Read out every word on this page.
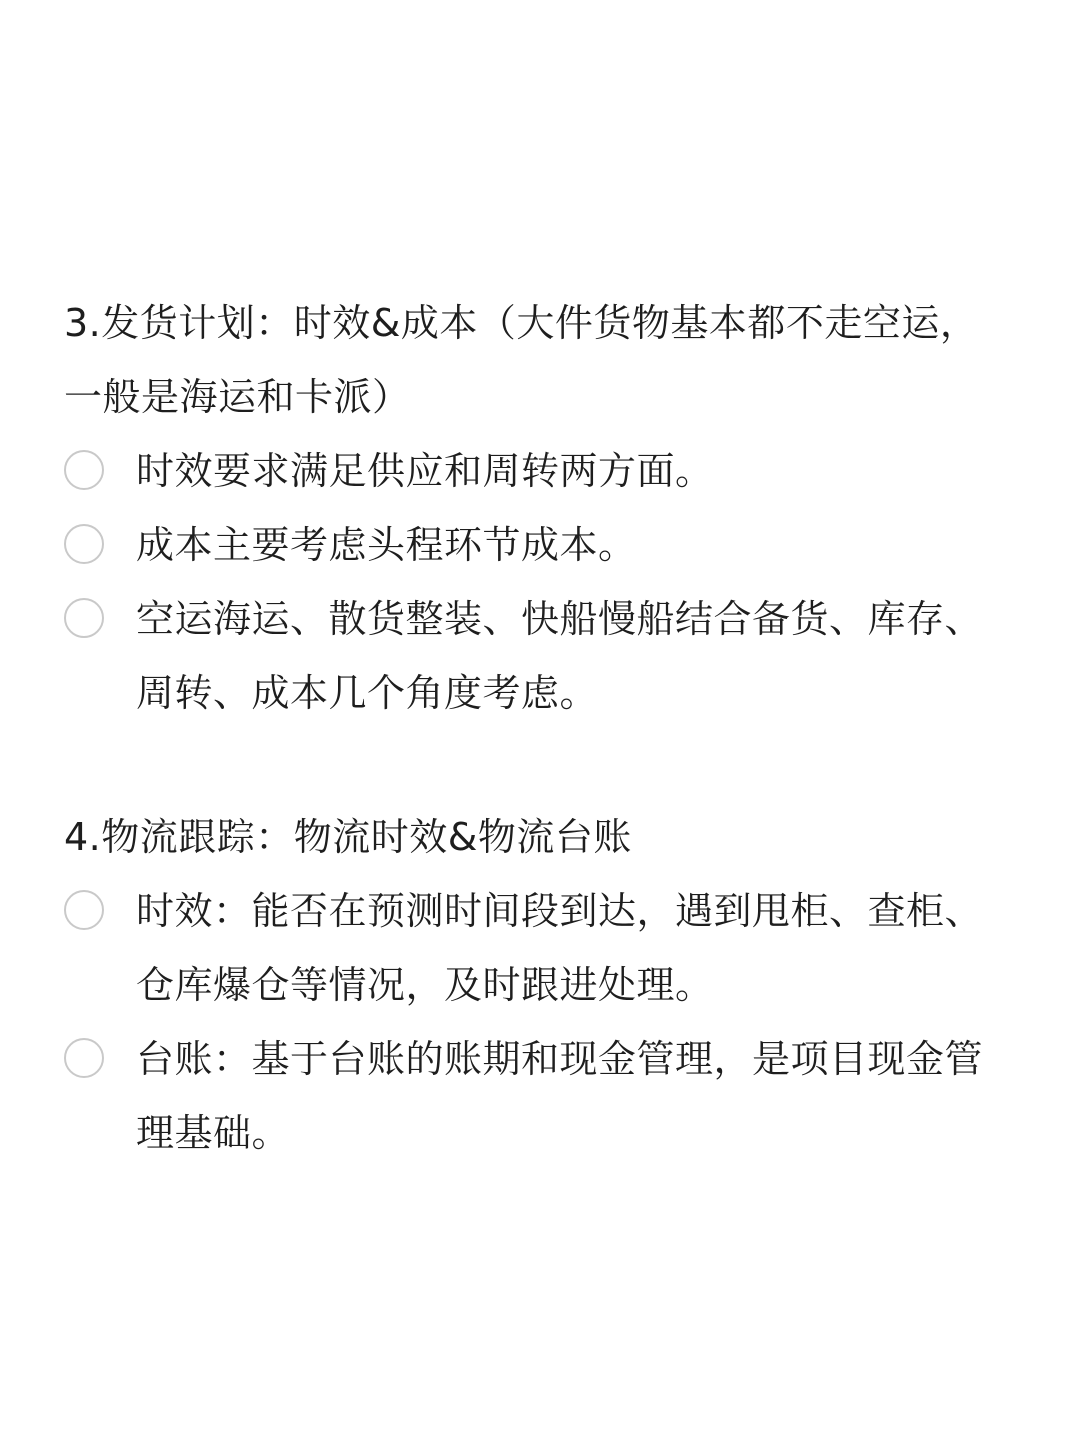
3.发货计划：时效&成本（大件货物基本都不走空运，一般是海运和卡派）

时效要求满足供应和周转两方面。
成本主要考虑头程环节成本。
空运海运、散货整装、快船慢船结合备货、库存、周转、成本几个角度考虑。

4.物流跟踪：物流时效&物流台账

时效：能否在预测时间段到达，遇到甩柜、查柜、仓库爆仓等情况，及时跟进处理。
台账：基于台账的账期和现金管理，是项目现金管理基础。
